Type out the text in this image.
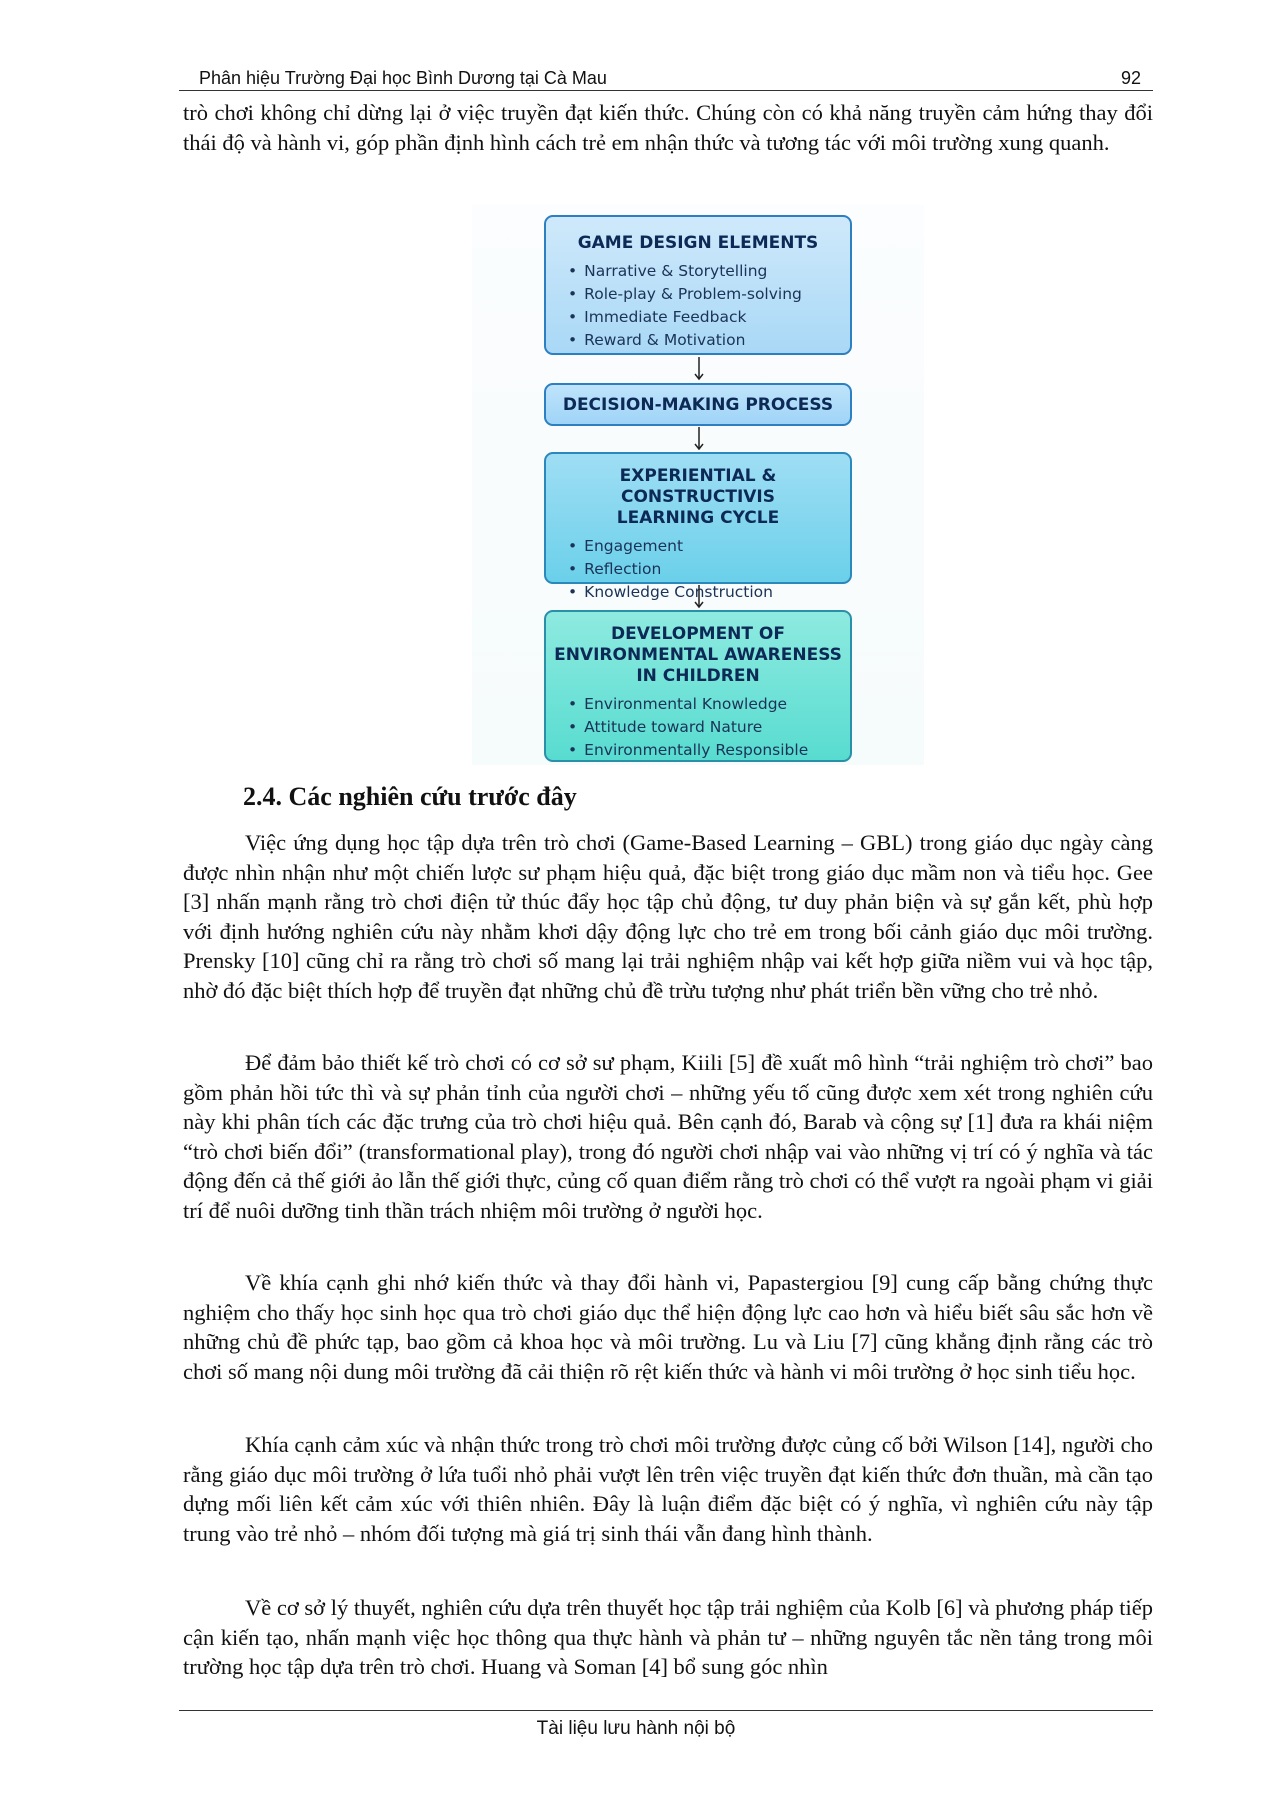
Phân hiệu Trường Đại học Bình Dương tại Cà Mau	92

trò chơi không chỉ dừng lại ở việc truyền đạt kiến thức. Chúng còn có khả năng truyền cảm hứng thay đổi thái độ và hành vi, góp phần định hình cách trẻ em nhận thức và tương tác với môi trường xung quanh.

GAME DESIGN ELEMENTS
• Narrative & Storytelling
• Role-play & Problem-solving
• Immediate Feedback
• Reward & Motivation
DECISION-MAKING PROCESS
EXPERIENTIAL & CONSTRUCTIVIS
LEARNING CYCLE
• Engagement
• Reflection
• Knowledge Construction
DEVELOPMENT OF
ENVIRONMENTAL AWARENESS
IN CHILDREN
• Environmental Knowledge
• Attitude toward Nature
• Environmentally Responsible
2.4. Các nghiên cứu trước đây

Việc ứng dụng học tập dựa trên trò chơi (Game-Based Learning – GBL) trong giáo dục ngày càng được nhìn nhận như một chiến lược sư phạm hiệu quả, đặc biệt trong giáo dục mầm non và tiểu học. Gee [3] nhấn mạnh rằng trò chơi điện tử thúc đẩy học tập chủ động, tư duy phản biện và sự gắn kết, phù hợp với định hướng nghiên cứu này nhằm khơi dậy động lực cho trẻ em trong bối cảnh giáo dục môi trường. Prensky [10] cũng chỉ ra rằng trò chơi số mang lại trải nghiệm nhập vai kết hợp giữa niềm vui và học tập, nhờ đó đặc biệt thích hợp để truyền đạt những chủ đề trừu tượng như phát triển bền vững cho trẻ nhỏ.

Để đảm bảo thiết kế trò chơi có cơ sở sư phạm, Kiili [5] đề xuất mô hình “trải nghiệm trò chơi” bao gồm phản hồi tức thì và sự phản tỉnh của người chơi – những yếu tố cũng được xem xét trong nghiên cứu này khi phân tích các đặc trưng của trò chơi hiệu quả. Bên cạnh đó, Barab và cộng sự [1] đưa ra khái niệm “trò chơi biến đổi” (transformational play), trong đó người chơi nhập vai vào những vị trí có ý nghĩa và tác động đến cả thế giới ảo lẫn thế giới thực, củng cố quan điểm rằng trò chơi có thể vượt ra ngoài phạm vi giải trí để nuôi dưỡng tinh thần trách nhiệm môi trường ở người học.

Về khía cạnh ghi nhớ kiến thức và thay đổi hành vi, Papastergiou [9] cung cấp bằng chứng thực nghiệm cho thấy học sinh học qua trò chơi giáo dục thể hiện động lực cao hơn và hiểu biết sâu sắc hơn về những chủ đề phức tạp, bao gồm cả khoa học và môi trường. Lu và Liu [7] cũng khẳng định rằng các trò chơi số mang nội dung môi trường đã cải thiện rõ rệt kiến thức và hành vi môi trường ở học sinh tiểu học.

Khía cạnh cảm xúc và nhận thức trong trò chơi môi trường được củng cố bởi Wilson [14], người cho rằng giáo dục môi trường ở lứa tuổi nhỏ phải vượt lên trên việc truyền đạt kiến thức đơn thuần, mà cần tạo dựng mối liên kết cảm xúc với thiên nhiên. Đây là luận điểm đặc biệt có ý nghĩa, vì nghiên cứu này tập trung vào trẻ nhỏ – nhóm đối tượng mà giá trị sinh thái vẫn đang hình thành.

Về cơ sở lý thuyết, nghiên cứu dựa trên thuyết học tập trải nghiệm của Kolb [6] và phương pháp tiếp cận kiến tạo, nhấn mạnh việc học thông qua thực hành và phản tư – những nguyên tắc nền tảng trong môi trường học tập dựa trên trò chơi. Huang và Soman [4] bổ sung góc nhìn

Tài liệu lưu hành nội bộ
